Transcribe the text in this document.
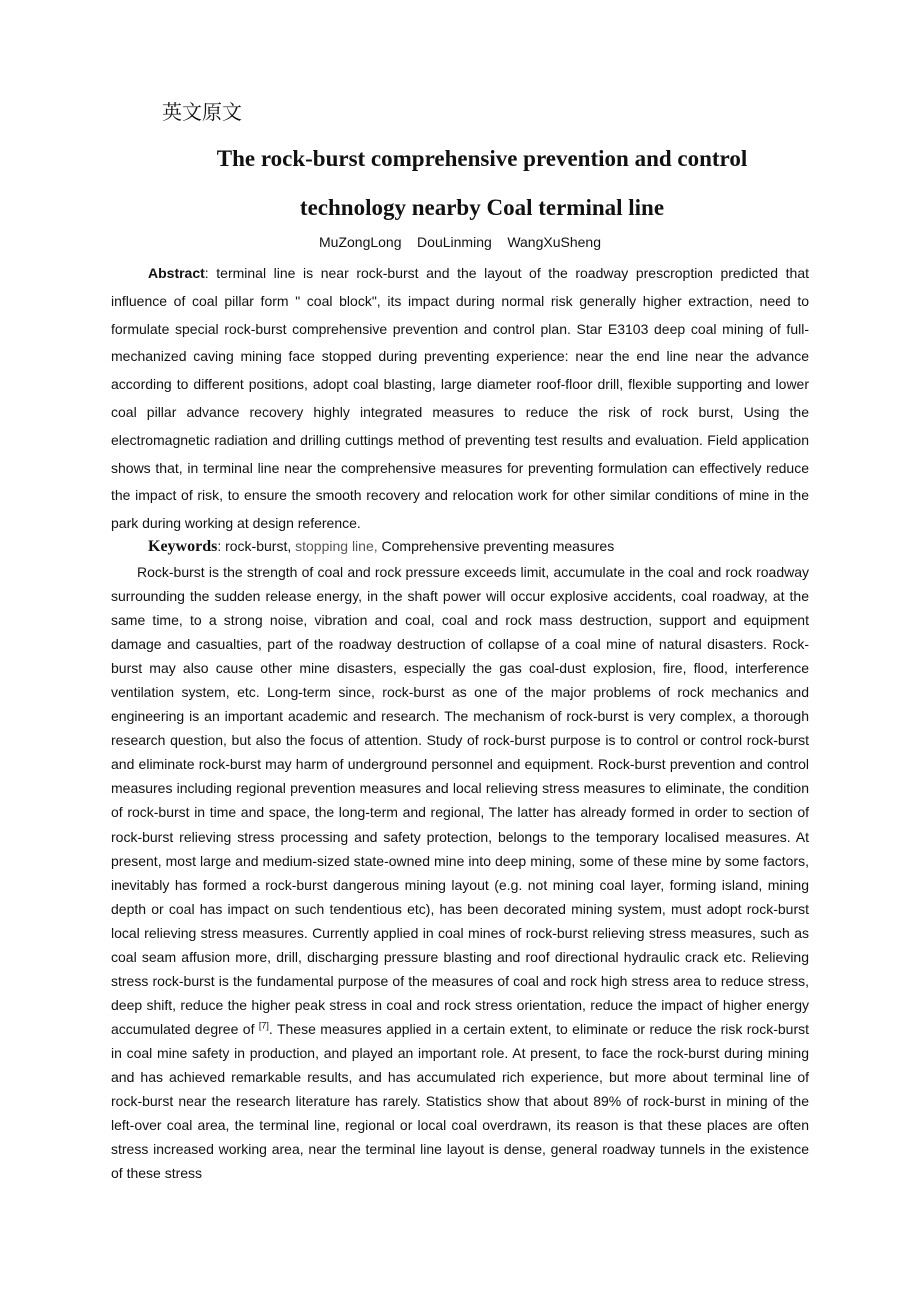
英文原文
The rock-burst comprehensive prevention and control
technology nearby Coal terminal line
MuZongLong    DouLinming    WangXuSheng

Abstract: terminal line is near rock-burst and the layout of the roadway prescroption predicted that influence of coal pillar form " coal block", its impact during normal risk generally higher extraction, need to formulate special rock-burst comprehensive prevention and control plan. Star E3103 deep coal mining of full-mechanized caving mining face stopped during preventing experience: near the end line near the advance according to different positions, adopt coal blasting, large diameter roof-floor drill, flexible supporting and lower coal pillar advance recovery highly integrated measures to reduce the risk of rock burst, Using the electromagnetic radiation and drilling cuttings method of preventing test results and evaluation. Field application shows that, in terminal line near the comprehensive measures for preventing formulation can effectively reduce the impact of risk, to ensure the smooth recovery and relocation work for other similar conditions of mine in the park during working at design reference.

Keywords: rock-burst, stopping line, Comprehensive preventing measures

Rock-burst is the strength of coal and rock pressure exceeds limit, accumulate in the coal and rock roadway surrounding the sudden release energy, in the shaft power will occur explosive accidents, coal roadway, at the same time, to a strong noise, vibration and coal, coal and rock mass destruction, support and equipment damage and casualties, part of the roadway destruction of collapse of a coal mine of natural disasters. Rock-burst may also cause other mine disasters, especially the gas coal-dust explosion, fire, flood, interference ventilation system, etc. Long-term since, rock-burst as one of the major problems of rock mechanics and engineering is an important academic and research. The mechanism of rock-burst is very complex, a thorough research question, but also the focus of attention. Study of rock-burst purpose is to control or control rock-burst and eliminate rock-burst may harm of underground personnel and equipment. Rock-burst prevention and control measures including regional prevention measures and local relieving stress measures to eliminate, the condition of rock-burst in time and space, the long-term and regional, The latter has already formed in order to section of rock-burst relieving stress processing and safety protection, belongs to the temporary localised measures. At present, most large and medium-sized state-owned mine into deep mining, some of these mine by some factors, inevitably has formed a rock-burst dangerous mining layout (e.g. not mining coal layer, forming island, mining depth or coal has impact on such tendentious etc), has been decorated mining system, must adopt rock-burst local relieving stress measures. Currently applied in coal mines of rock-burst relieving stress measures, such as coal seam affusion more, drill, discharging pressure blasting and roof directional hydraulic crack etc. Relieving stress rock-burst is the fundamental purpose of the measures of coal and rock high stress area to reduce stress, deep shift, reduce the higher peak stress in coal and rock stress orientation, reduce the impact of higher energy accumulated degree of [7]. These measures applied in a certain extent, to eliminate or reduce the risk rock-burst in coal mine safety in production, and played an important role. At present, to face the rock-burst during mining and has achieved remarkable results, and has accumulated rich experience, but more about terminal line of rock-burst near the research literature has rarely. Statistics show that about 89% of rock-burst in mining of the left-over coal area, the terminal line, regional or local coal overdrawn, its reason is that these places are often stress increased working area, near the terminal line layout is dense, general roadway tunnels in the existence of these stress
